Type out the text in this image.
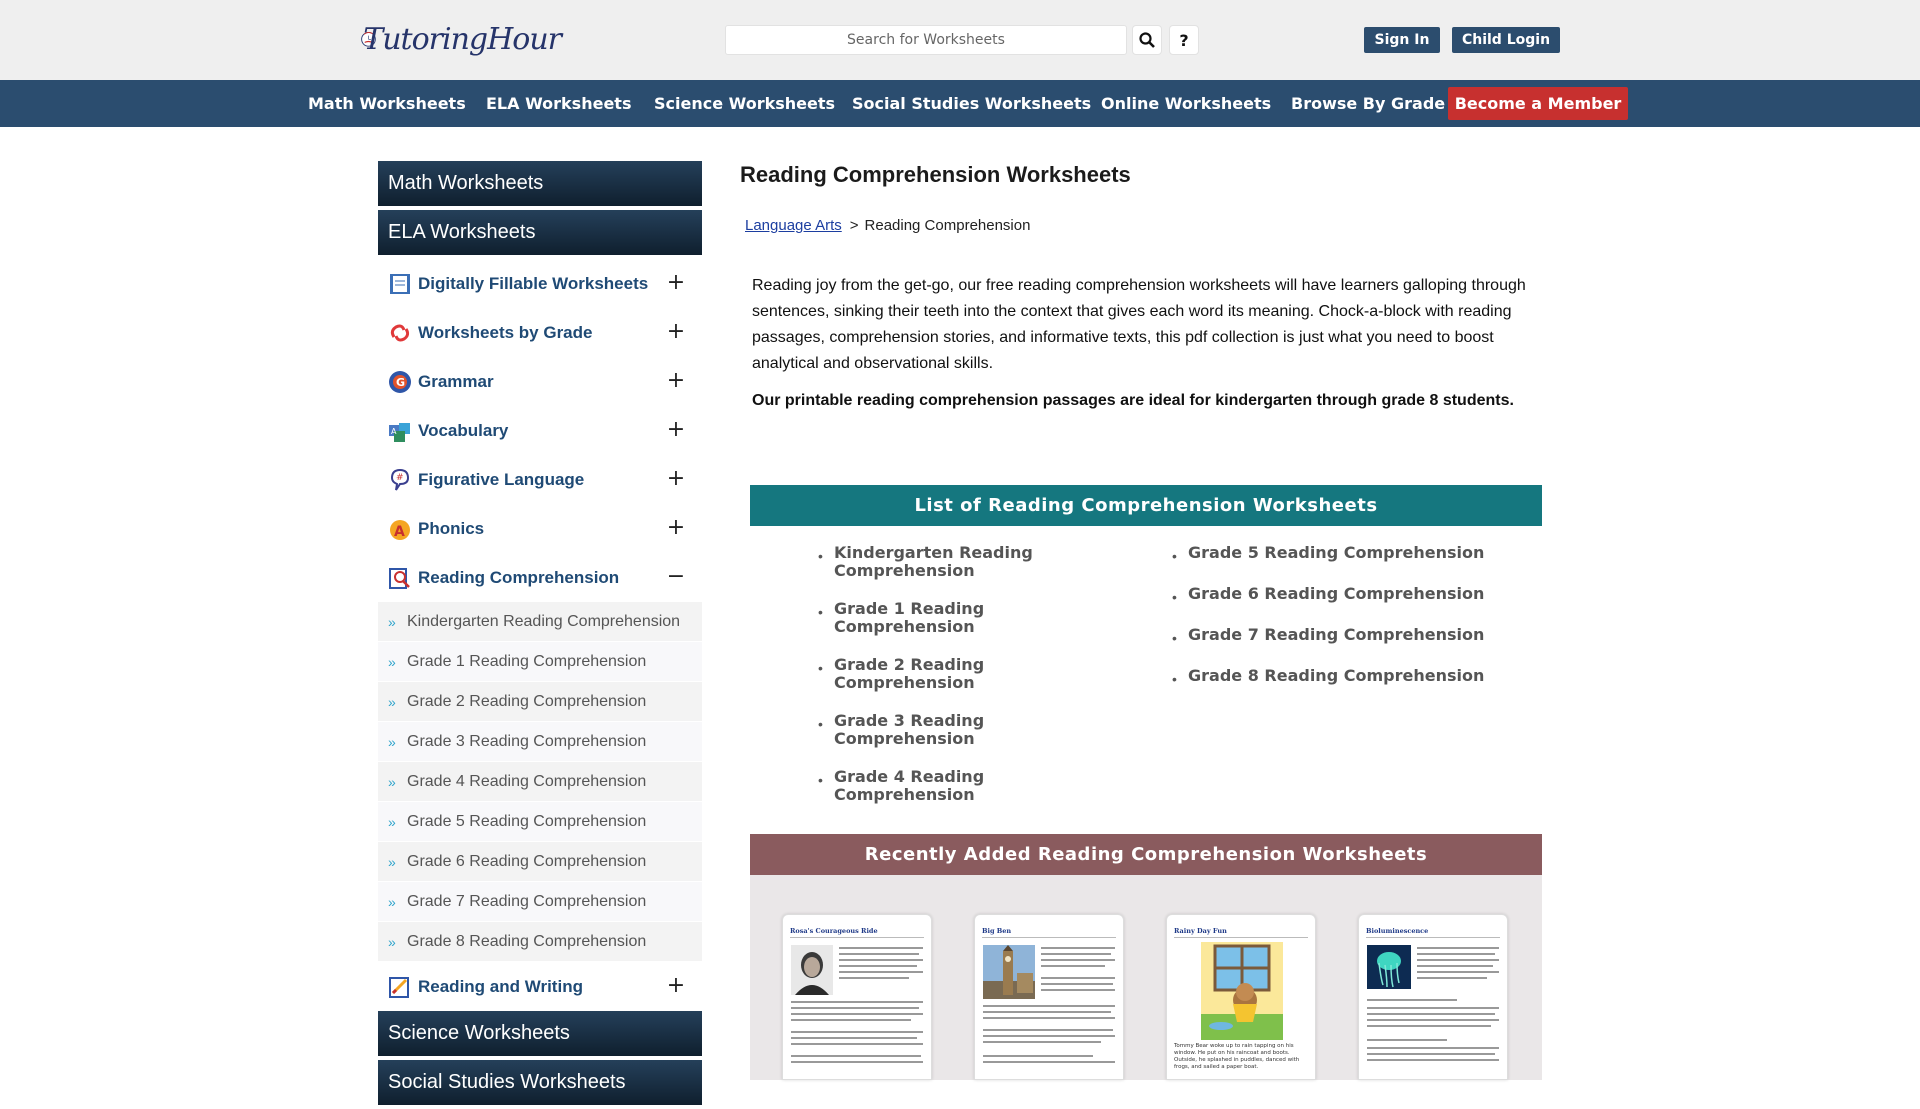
TutoringHour
Search for Worksheets	?	Sign In	Child Login
Math Worksheets ELA Worksheets Science Worksheets Social Studies Worksheets Online Worksheets Browse By Grade Become a Member
Math Worksheets
ELA Worksheets
Digitally Fillable Worksheets +
Worksheets by Grade	+
G Grammar	+
A Vocabulary	+
# Figurative Language	+
A Phonics	+
Reading Comprehension −
» Kindergarten Reading Comprehension
» Grade 1 Reading Comprehension
» Grade 2 Reading Comprehension
» Grade 3 Reading Comprehension
» Grade 4 Reading Comprehension
» Grade 5 Reading Comprehension
» Grade 6 Reading Comprehension
» Grade 7 Reading Comprehension
» Grade 8 Reading Comprehension
Reading and Writing	+
Science Worksheets
Social Studies Worksheets
Reading Comprehension Worksheets
Language Arts > Reading Comprehension

Reading joy from the get-go, our free reading comprehension worksheets will have learners galloping through sentences, sinking their teeth into the context that gives each word its meaning. Chock-a-block with reading passages, comprehension stories, and informative texts, this pdf collection is just what you need to boost analytical and observational skills.

Our printable reading comprehension passages are ideal for kindergarten through grade 8 students.

List of Reading Comprehension Worksheets
• Kindergarten Reading Comprehension
• Grade 1 Reading Comprehension
• Grade 2 Reading Comprehension
• Grade 3 Reading Comprehension
• Grade 4 Reading Comprehension
• Grade 5 Reading Comprehension
• Grade 6 Reading Comprehension
• Grade 7 Reading Comprehension
• Grade 8 Reading Comprehension
Recently Added Reading Comprehension Worksheets
Rosa's Courageous Ride	Big Ben	Rainy Day Fun
Tommy Bear woke up to rain tapping on his window. He put on his raincoat and boots. Outside, he splashed in puddles, danced with frogs, and sailed a paper boat.
Bioluminescence
